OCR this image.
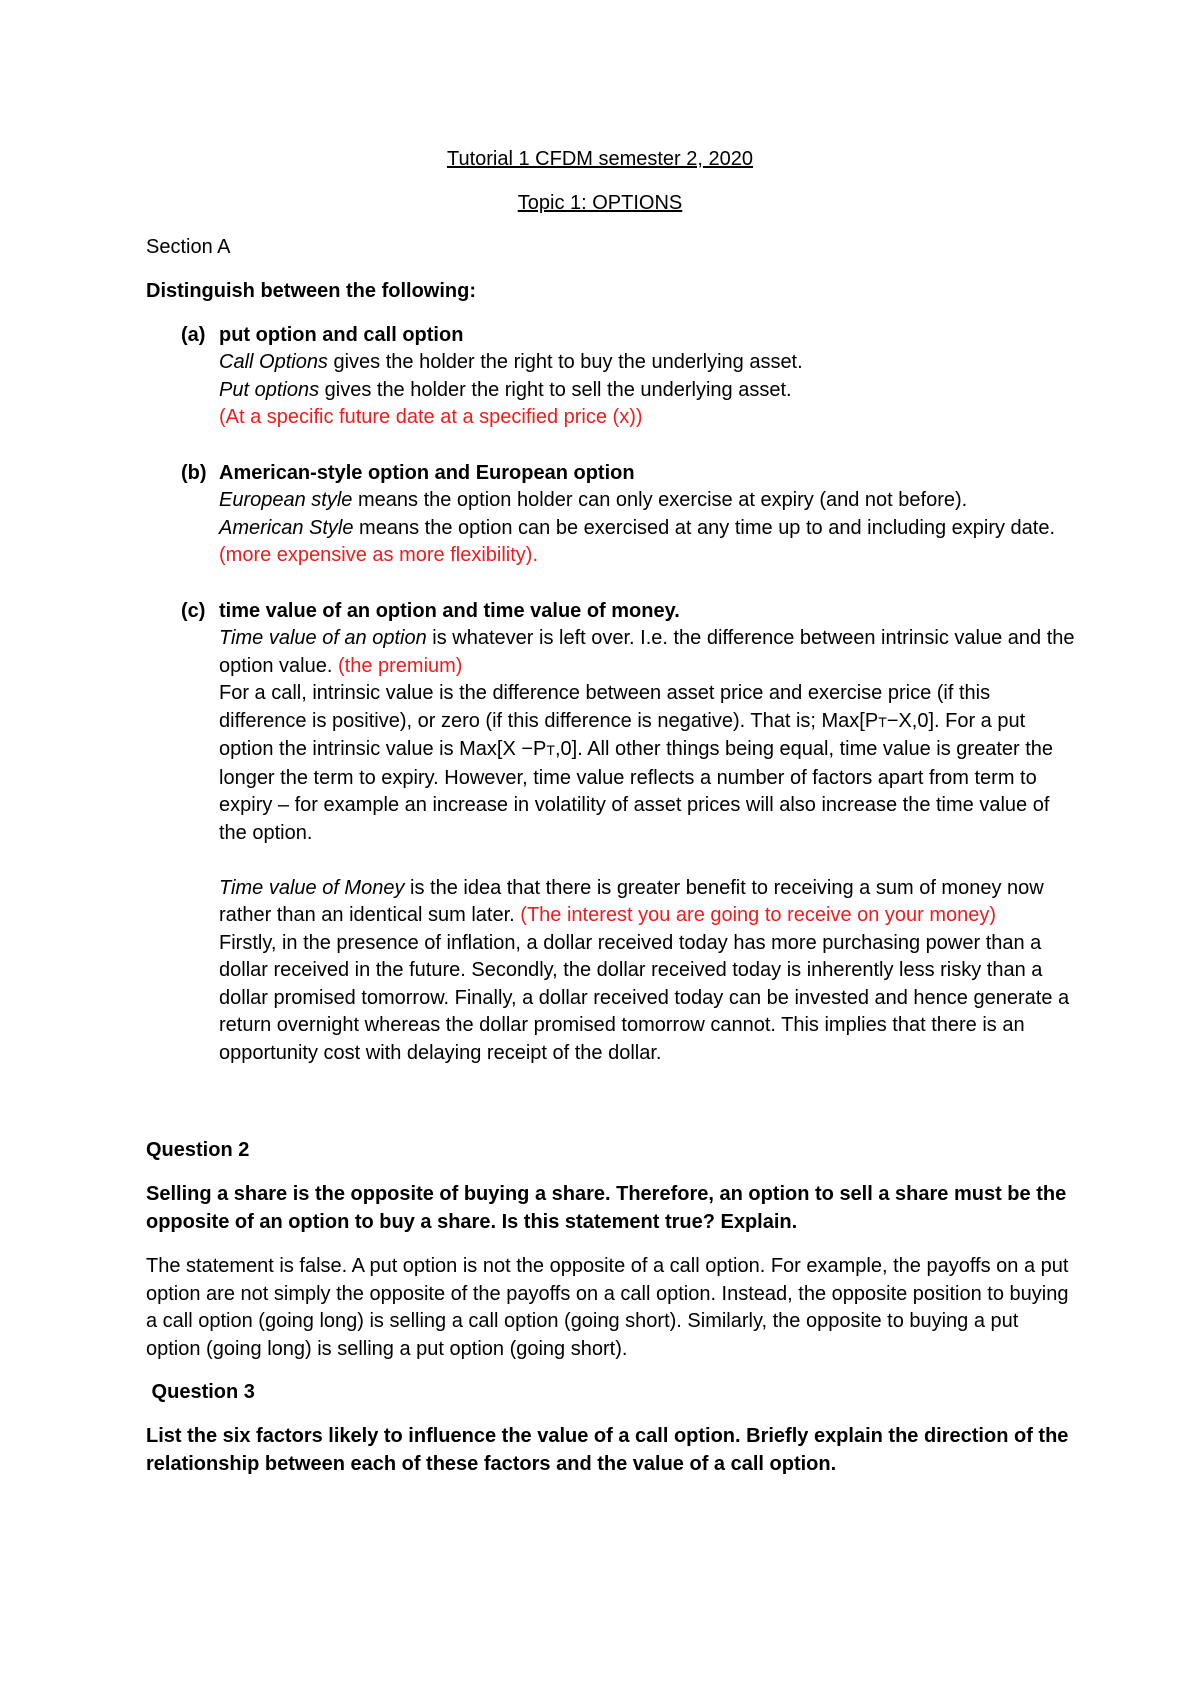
Tutorial 1 CFDM semester 2, 2020
Topic 1: OPTIONS
Section A
Distinguish between the following:
(a) put option and call option

Call Options gives the holder the right to buy the underlying asset.

Put options gives the holder the right to sell the underlying asset.

(At a specific future date at a specified price (x))

(b) American-style option and European option

European style means the option holder can only exercise at expiry (and not before).

American Style means the option can be exercised at any time up to and including expiry date. (more expensive as more flexibility).

(c) time value of an option and time value of money.

Time value of an option is whatever is left over. I.e. the difference between intrinsic value and the option value. (the premium)

For a call, intrinsic value is the difference between asset price and exercise price (if this difference is positive), or zero (if this difference is negative). That is; Max[PT−X,0]. For a put option the intrinsic value is Max[X −PT,0]. All other things being equal, time value is greater the longer the term to expiry. However, time value reflects a number of factors apart from term to expiry – for example an increase in volatility of asset prices will also increase the time value of the option.

Time value of Money is the idea that there is greater benefit to receiving a sum of money now rather than an identical sum later. (The interest you are going to receive on your money)

Firstly, in the presence of inflation, a dollar received today has more purchasing power than a dollar received in the future. Secondly, the dollar received today is inherently less risky than a dollar promised tomorrow. Finally, a dollar received today can be invested and hence generate a return overnight whereas the dollar promised tomorrow cannot. This implies that there is an opportunity cost with delaying receipt of the dollar.

Question 2
Selling a share is the opposite of buying a share. Therefore, an option to sell a share must be the opposite of an option to buy a share. Is this statement true? Explain.
The statement is false. A put option is not the opposite of a call option. For example, the payoffs on a put option are not simply the opposite of the payoffs on a call option. Instead, the opposite position to buying a call option (going long) is selling a call option (going short). Similarly, the opposite to buying a put option (going long) is selling a put option (going short).
Question 3
List the six factors likely to influence the value of a call option. Briefly explain the direction of the relationship between each of these factors and the value of a call option.
